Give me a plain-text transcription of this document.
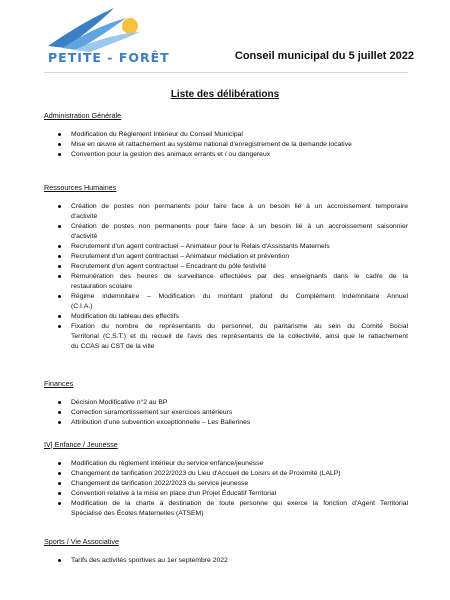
PETITE - FORÊT	Conseil municipal du 5 juillet 2022
Liste des délibérations
Administration Générale
Modification du Règlement Intérieur du Conseil Municipal
Mise en œuvre et rattachement au système national d'enregistrement de la demande locative
Convention pour la gestion des animaux errants et / ou dangereux
Ressources Humaines
Création de postes non permanents pour faire face à un besoin lié à un accroissement temporaire
d'activité
Création de postes non permanents pour faire face à un besoin lié à un accroissement saisonnier
d'activité
Recrutement d'un agent contractuel – Animateur pour le Relais d'Assistants Maternels
Recrutement d'un agent contractuel – Animateur médiation et prévention
Recrutement d'un agent contractuel – Encadrant du pôle festivité
Rémunération des heures de surveillance effectuées par des enseignants dans le cadre de la
restauration scolaire
Régime indemnitaire – Modification du montant plafond du Complément Indemnitaire Annuel
(C.I.A.)
Modification du tableau des effectifs
Fixation du nombre de représentants du personnel, du paritarisme au sein du Comité Social
Territorial (C.S.T.) et du recueil de l'avis des représentants de la collectivité, ainsi que le rattachement
du CCAS au CST de la ville
Finances
Décision Modificative n°2 au BP
Correction suramortissement sur exercices antérieurs
Attribution d'une subvention exceptionnelle – Les Ballerines
IV| Enfance / Jeunesse
Modification du règlement intérieur du service enfance/jeunesse
Changement de tarification 2022/2023 du Lieu d'Accueil de Loisirs et de Proximité (LALP)
Changement de tarification 2022/2023 du service jeunesse
Convention relative à la mise en place d'un Projet Éducatif Territorial
Modification de la charte à destination de toute personne qui exerce la fonction d'Agent Territorial
Spécialisé des Écoles Maternelles (ATSEM)
Sports / Vie Associative
Tarifs des activités sportives au 1er septembre 2022
